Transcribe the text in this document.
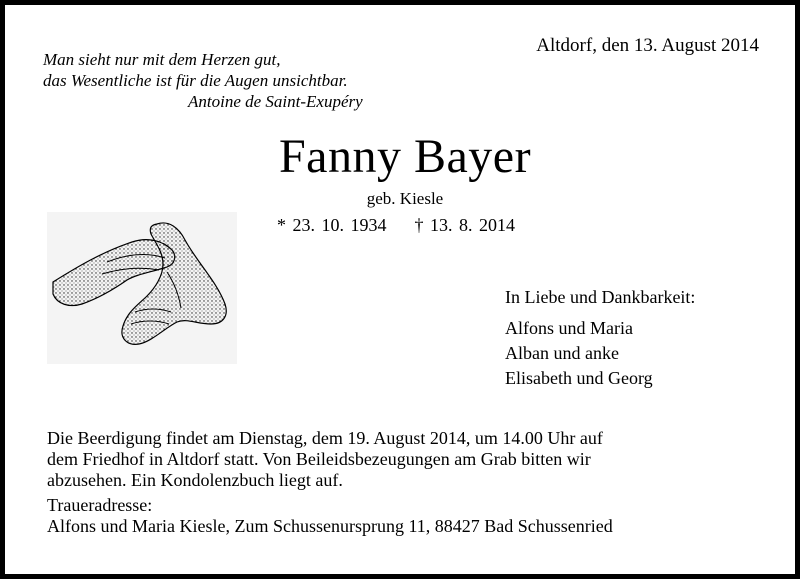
Man sieht nur mit dem Herzen gut,
das Wesentliche ist für die Augen unsichtbar.
Antoine de Saint-Exupéry
Altdorf, den 13. August 2014
Fanny Bayer
geb. Kiesle
* 23. 10. 1934 † 13. 8. 2014
In Liebe und Dankbarkeit:
Alfons und Maria
Alban und anke
Elisabeth und Georg
Die Beerdigung findet am Dienstag, dem 19. August 2014, um 14.00 Uhr auf
dem Friedhof in Altdorf statt. Von Beileidsbezeugungen am Grab bitten wir
abzusehen. Ein Kondolenzbuch liegt auf.
Traueradresse:
Alfons und Maria Kiesle, Zum Schussenursprung 11, 88427 Bad Schussenried
